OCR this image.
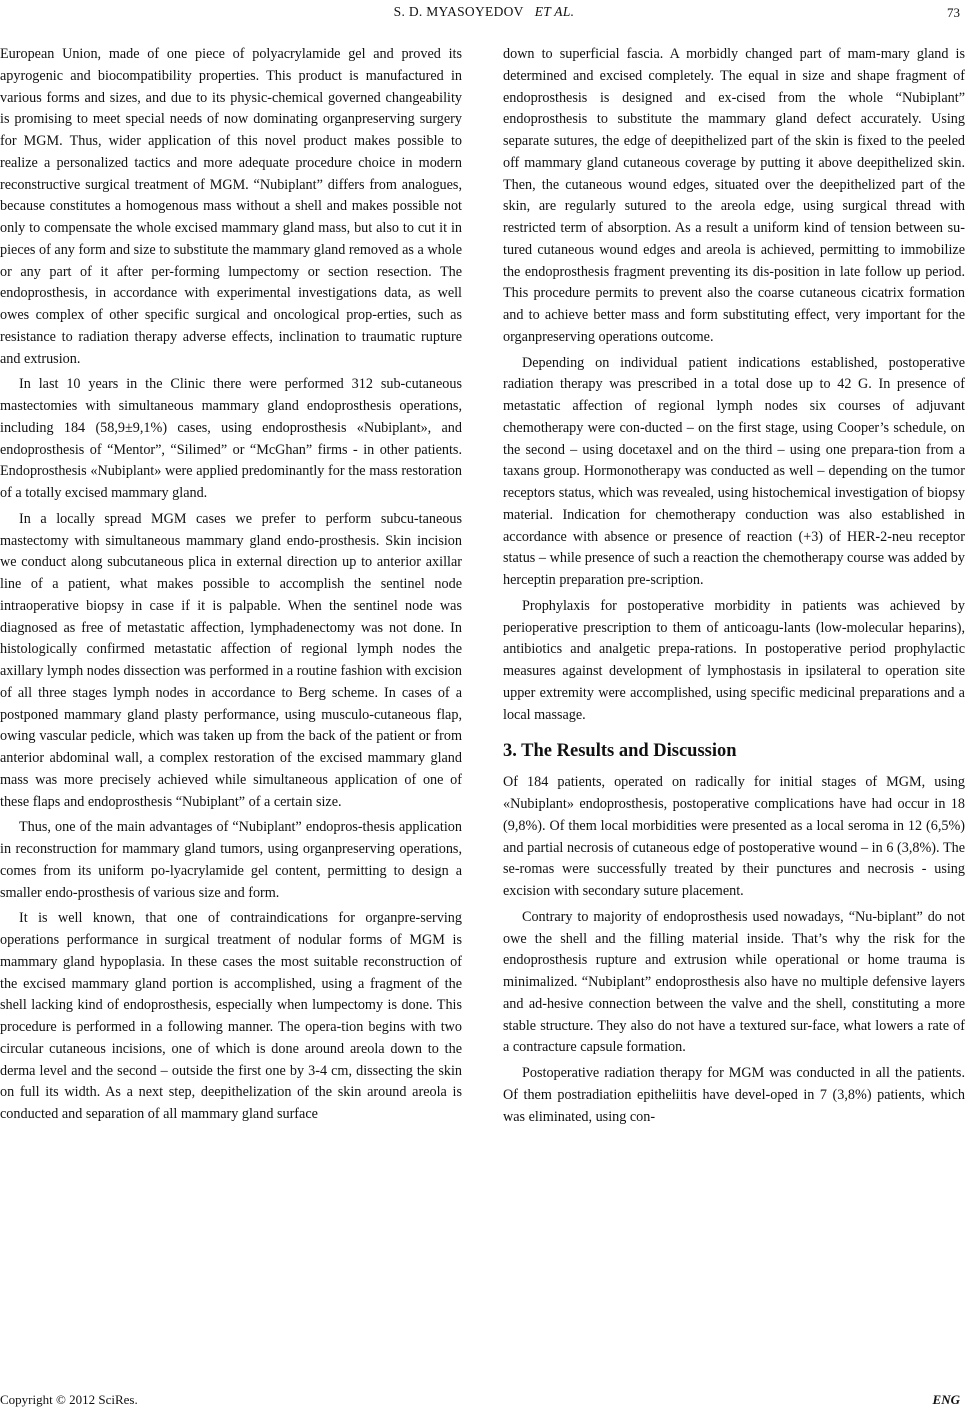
S. D. MYASOYEDOV ET AL.	73

European Union, made of one piece of polyacrylamide gel and proved its apyrogenic and biocompatibility properties. This product is manufactured in various forms and sizes, and due to its physic-chemical governed changeability is promising to meet special needs of now dominating organpreserving surgery for MGM. Thus, wider application of this novel product makes possible to realize a personalized tactics and more adequate procedure choice in modern reconstructive surgical treatment of MGM. “Nubiplant” differs from analogues, because constitutes a homogenous mass without a shell and makes possible not only to compensate the whole excised mammary gland mass, but also to cut it in pieces of any form and size to substitute the mammary gland removed as a whole or any part of it after per-forming lumpectomy or section resection. The endoprosthesis, in accordance with experimental investigations data, as well owes complex of other specific surgical and oncological prop-erties, such as resistance to radiation therapy adverse effects, inclination to traumatic rupture and extrusion.

In last 10 years in the Clinic there were performed 312 sub-cutaneous mastectomies with simultaneous mammary gland endoprosthesis operations, including 184 (58,9±9,1%) cases, using endoprosthesis «Nubiplant», and endoprosthesis of “Mentor”, “Silimed” or “McGhan” firms - in other patients. Endoprosthesis «Nubiplant» were applied predominantly for the mass restoration of a totally excised mammary gland.

In a locally spread MGM cases we prefer to perform subcu-taneous mastectomy with simultaneous mammary gland endo-prosthesis. Skin incision we conduct along subcutaneous plica in external direction up to anterior axillar line of a patient, what makes possible to accomplish the sentinel node intraoperative biopsy in case if it is palpable. When the sentinel node was diagnosed as free of metastatic affection, lymphadenectomy was not done. In histologically confirmed metastatic affection of regional lymph nodes the axillary lymph nodes dissection was performed in a routine fashion with excision of all three stages lymph nodes in accordance to Berg scheme. In cases of a postponed mammary gland plasty performance, using musculo-cutaneous flap, owing vascular pedicle, which was taken up from the back of the patient or from anterior abdominal wall, a complex restoration of the excised mammary gland mass was more precisely achieved while simultaneous application of one of these flaps and endoprosthesis “Nubiplant” of a certain size.

Thus, one of the main advantages of “Nubiplant” endopros-thesis application in reconstruction for mammary gland tumors, using organpreserving operations, comes from its uniform po-lyacrylamide gel content, permitting to design a smaller endo-prosthesis of various size and form.

It is well known, that one of contraindications for organpre-serving operations performance in surgical treatment of nodular forms of MGM is mammary gland hypoplasia. In these cases the most suitable reconstruction of the excised mammary gland portion is accomplished, using a fragment of the shell lacking kind of endoprosthesis, especially when lumpectomy is done. This procedure is performed in a following manner. The opera-tion begins with two circular cutaneous incisions, one of which is done around areola down to the derma level and the second – outside the first one by 3-4 cm, dissecting the skin on full its width. As a next step, deepithelization of the skin around areola is conducted and separation of all mammary gland surface

down to superficial fascia. A morbidly changed part of mam-mary gland is determined and excised completely. The equal in size and shape fragment of endoprosthesis is designed and ex-cised from the whole “Nubiplant” endoprosthesis to substitute the mammary gland defect accurately. Using separate sutures, the edge of deepithelized part of the skin is fixed to the peeled off mammary gland cutaneous coverage by putting it above deepithelized skin. Then, the cutaneous wound edges, situated over the deepithelized part of the skin, are regularly sutured to the areola edge, using surgical thread with restricted term of absorption. As a result a uniform kind of tension between su-tured cutaneous wound edges and areola is achieved, permitting to immobilize the endoprosthesis fragment preventing its dis-position in late follow up period. This procedure permits to prevent also the coarse cutaneous cicatrix formation and to achieve better mass and form substituting effect, very important for the organpreserving operations outcome.

Depending on individual patient indications established, postoperative radiation therapy was prescribed in a total dose up to 42 G. In presence of metastatic affection of regional lymph nodes six courses of adjuvant chemotherapy were con-ducted – on the first stage, using Cooper’s schedule, on the second – using docetaxel and on the third – using one prepara-tion from a taxans group. Hormonotherapy was conducted as well – depending on the tumor receptors status, which was revealed, using histochemical investigation of biopsy material. Indication for chemotherapy conduction was also established in accordance with absence or presence of reaction (+3) of HER-2-neu receptor status – while presence of such a reaction the chemotherapy course was added by herceptin preparation pre-scription.

Prophylaxis for postoperative morbidity in patients was achieved by perioperative prescription to them of anticoagu-lants (low-molecular heparins), antibiotics and analgetic prepa-rations. In postoperative period prophylactic measures against development of lymphostasis in ipsilateral to operation site upper extremity were accomplished, using specific medicinal preparations and a local massage.

3. The Results and Discussion

Of 184 patients, operated on radically for initial stages of MGM, using «Nubiplant» endoprosthesis, postoperative complications have had occur in 18 (9,8%). Of them local morbidities were presented as a local seroma in 12 (6,5%) and partial necrosis of cutaneous edge of postoperative wound – in 6 (3,8%). The se-romas were successfully treated by their punctures and necrosis - using excision with secondary suture placement.

Contrary to majority of endoprosthesis used nowadays, “Nu-biplant” do not owe the shell and the filling material inside. That’s why the risk for the endoprosthesis rupture and extrusion while operational or home trauma is minimalized. “Nubiplant” endoprosthesis also have no multiple defensive layers and ad-hesive connection between the valve and the shell, constituting a more stable structure. They also do not have a textured sur-face, what lowers a rate of a contracture capsule formation.

Postoperative radiation therapy for MGM was conducted in all the patients. Of them postradiation epitheliitis have devel-oped in 7 (3,8%) patients, which was eliminated, using con-

Copyright © 2012 SciRes.	ENG
